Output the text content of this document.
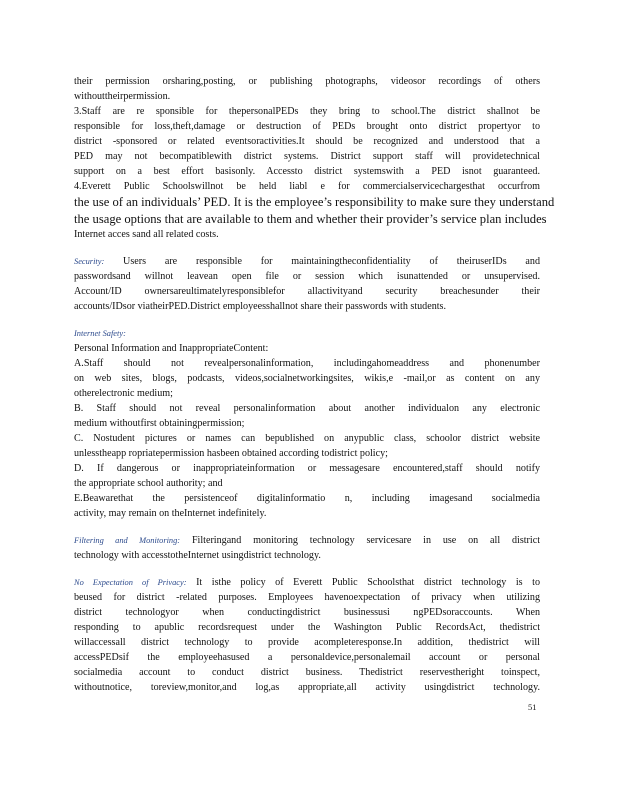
their permission orsharing,posting, or publishing photographs, videosor recordings of others
withouttheirpermission.
3.Staff are re sponsible for thepersonalPEDs they bring to school.The district shallnot be
responsible for loss,theft,damage or destruction of PEDs brought onto district propertyor to
district -sponsored or related eventsoractivities.It should be recognized and understood that a
PED may not becompatiblewith district systems. District support staff will providetechnical
support on a best effort basisonly. Accessto district systemswith a PED isnot guaranteed.
4.Everett Public Schoolswillnot be held liabl e for commercialservicechargesthat occurfrom
the use of an individuals’ PED. It is the employee’s responsibility to make sure they understand
the usage options that are available to them and whether their provider’s service plan includes
Internet acces sand all related costs.
Security: Users are responsible for maintainingtheconfidentiality of theiruserIDs and
passwordsand willnot leavean open file or session which isunattended or unsupervised.
Account/ID ownersareultimatelyresponsiblefor allactivityand security breachesunder their
accounts/IDsor viatheirPED.District employeesshallnot share their passwords with students.
Internet Safety:
Personal Information and InappropriateContent:
A.Staff should not revealpersonalinformation, includingahomeaddress and phonenumber
on web sites, blogs, podcasts, videos,socialnetworkingsites, wikis,e -mail,or as content on any
otherelectronic medium;
B. Staff should not reveal personalinformation about another individualon any electronic
medium withoutfirst obtainingpermission;
C. Nostudent pictures or names can bepublished on anypublic class, schoolor district website
unlesstheapp ropriatepermission hasbeen obtained according todistrict policy;
D. If dangerous or inappropriateinformation or messagesare encountered,staff should notify
the appropriate school authority; and
E.Beawarethat the persistenceof digitalinformatio n, including imagesand socialmedia
activity, may remain on theInternet indefinitely.
Filtering and Monitoring: Filteringand monitoring technology servicesare in use on all district
technology with accesstotheInternet usingdistrict technology.
No Expectation of Privacy: It isthe policy of Everett Public Schoolsthat district technology is to
beused for district -related purposes. Employees havenoexpectation of privacy when utilizing
district technologyor when conductingdistrict businessusi ngPEDsoraccounts. When
responding to apublic recordsrequest under the Washington Public RecordsAct, thedistrict
willaccessall district technology to provide acompleteresponse.In addition, thedistrict will
accessPEDsif the employeehasused a personaldevice,personalemail account or personal
socialmedia account to conduct district business. Thedistrict reservestheright toinspect,
withoutnotice, toreview,monitor,and log,as appropriate,all activity usingdistrict technology.
51
